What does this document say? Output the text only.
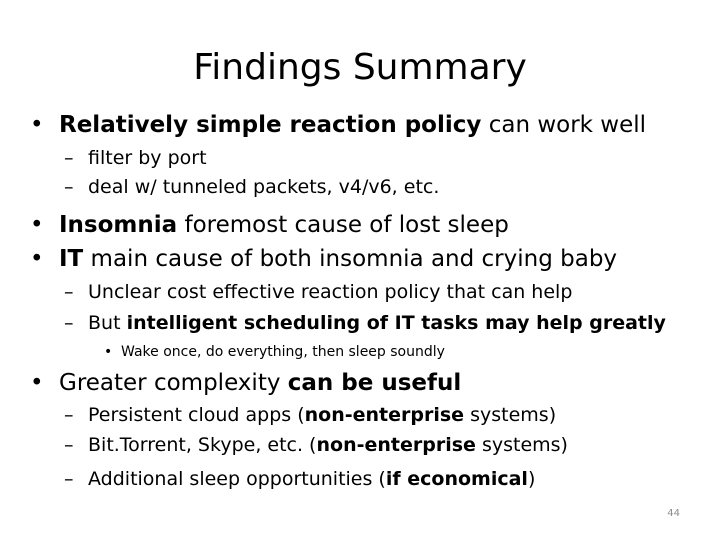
Findings Summary
• Relatively simple reaction policy can work well
– filter by port
– deal w/ tunneled packets, v4/v6, etc.
• Insomnia foremost cause of lost sleep
• IT main cause of both insomnia and crying baby
– Unclear cost effective reaction policy that can help
– But intelligent scheduling of IT tasks may help greatly
• Wake once, do everything, then sleep soundly
• Greater complexity can be useful
– Persistent cloud apps (non-enterprise systems)
– Bit.Torrent, Skype, etc. (non-enterprise systems)
– Additional sleep opportunities (if economical)
44
